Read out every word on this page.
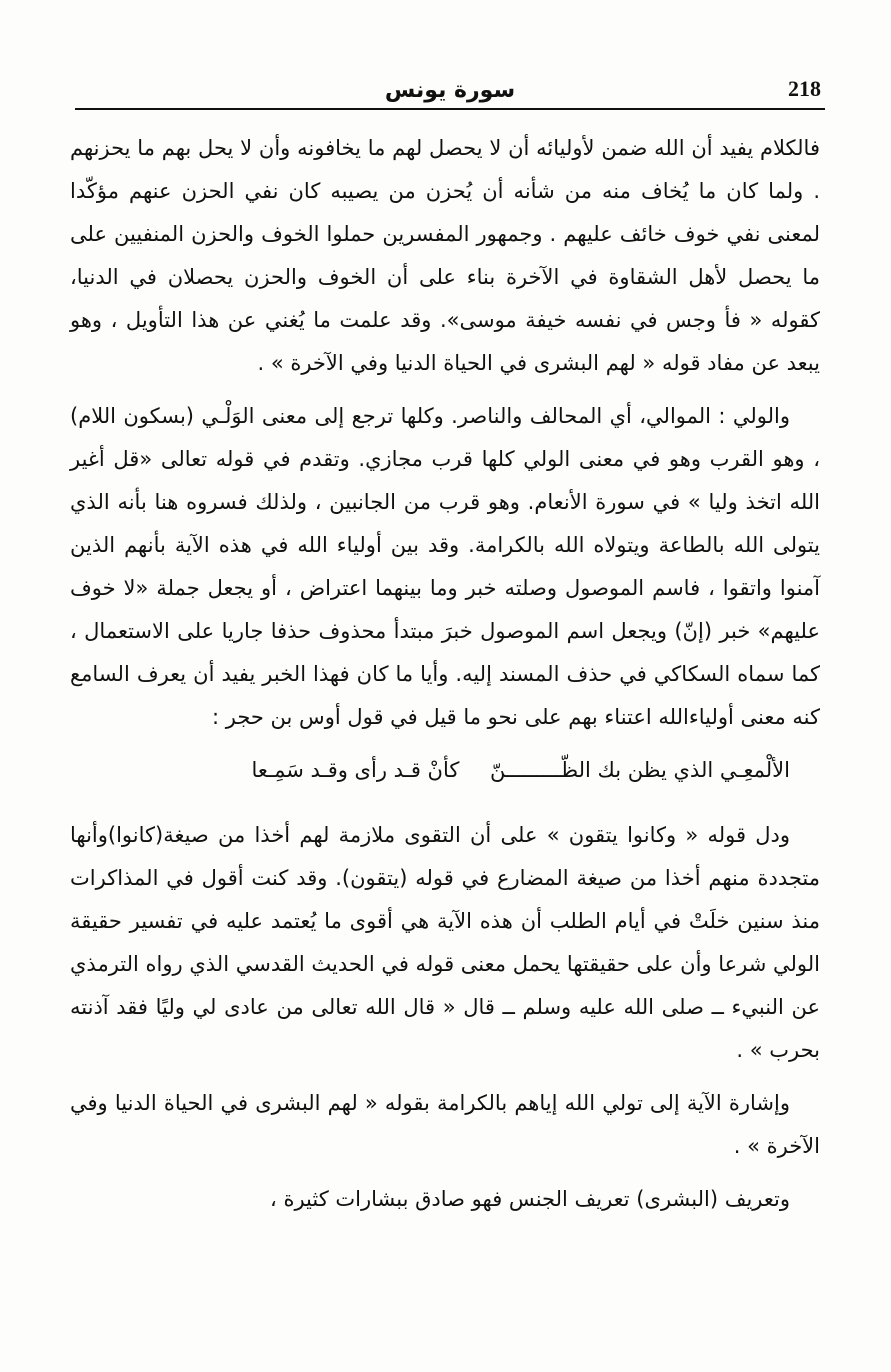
218
سورة يونس

فالكلام يفيد أن الله ضمن لأوليائه أن لا يحصل لهم ما يخافونه وأن لا يحل بهم ما يحزنهم . ولما كان ما يُخاف منه من شأنه أن يُحزن من يصيبه كان نفي الحزن عنهم مؤكّدا لمعنى نفي خوف خائف عليهم . وجمهور المفسرين حملوا الخوف والحزن المنفيين على ما يحصل لأهل الشقاوة في الآخرة بناء على أن الخوف والحزن يحصلان في الدنيا، كقوله « فأ وجس في نفسه خيفة موسى». وقد علمت ما يُغني عن هذا التأويل ، وهو يبعد عن مفاد قوله « لهم البشرى في الحياة الدنيا وفي الآخرة » .

والولي : الموالي، أي المحالف والناصر. وكلها ترجع إلى معنى الوَلْـي (بسكون اللام) ، وهو القرب وهو في معنى الولي كلها قرب مجازي. وتقدم في قوله تعالى «قل أغير الله اتخذ وليا » في سورة الأنعام. وهو قرب من الجانبين ، ولذلك فسروه هنا بأنه الذي يتولى الله بالطاعة ويتولاه الله بالكرامة. وقد بين أولياء الله في هذه الآية بأنهم الذين آمنوا واتقوا ، فاسم الموصول وصلته خبر وما بينهما اعتراض ، أو يجعل جملة «لا خوف عليهم» خبر (إنّ) ويجعل اسم الموصول خبرَ مبتدأ محذوف حذفا جاريا على الاستعمال ، كما سماه السكاكي في حذف المسند إليه. وأيا ما كان فهذا الخبر يفيد أن يعرف السامع كنه معنى أولياءالله اعتناء بهم على نحو ما قيل في قول أوس بن حجر :

الألْمعِـي الذي يظن بك الظّـــــــــنّ كأنْ قـد رأى وقـد سَمِـعا

ودل قوله « وكانوا يتقون » على أن التقوى ملازمة لهم أخذا من صيغة(كانوا)وأنها متجددة منهم أخذا من صيغة المضارع في قوله (يتقون). وقد كنت أقول في المذاكرات منذ سنين خلَتْ في أيام الطلب أن هذه الآية هي أقوى ما يُعتمد عليه في تفسير حقيقة الولي شرعا وأن على حقيقتها يحمل معنى قوله في الحديث القدسي الذي رواه الترمذي عن النبيء ــ صلى الله عليه وسلم ــ قال « قال الله تعالى من عادى لي وليًا فقد آذنته بحرب » .

وإشارة الآية إلى تولي الله إياهم بالكرامة بقوله « لهم البشرى في الحياة الدنيا وفي الآخرة » .

وتعريف (البشرى) تعريف الجنس فهو صادق ببشارات كثيرة ،
